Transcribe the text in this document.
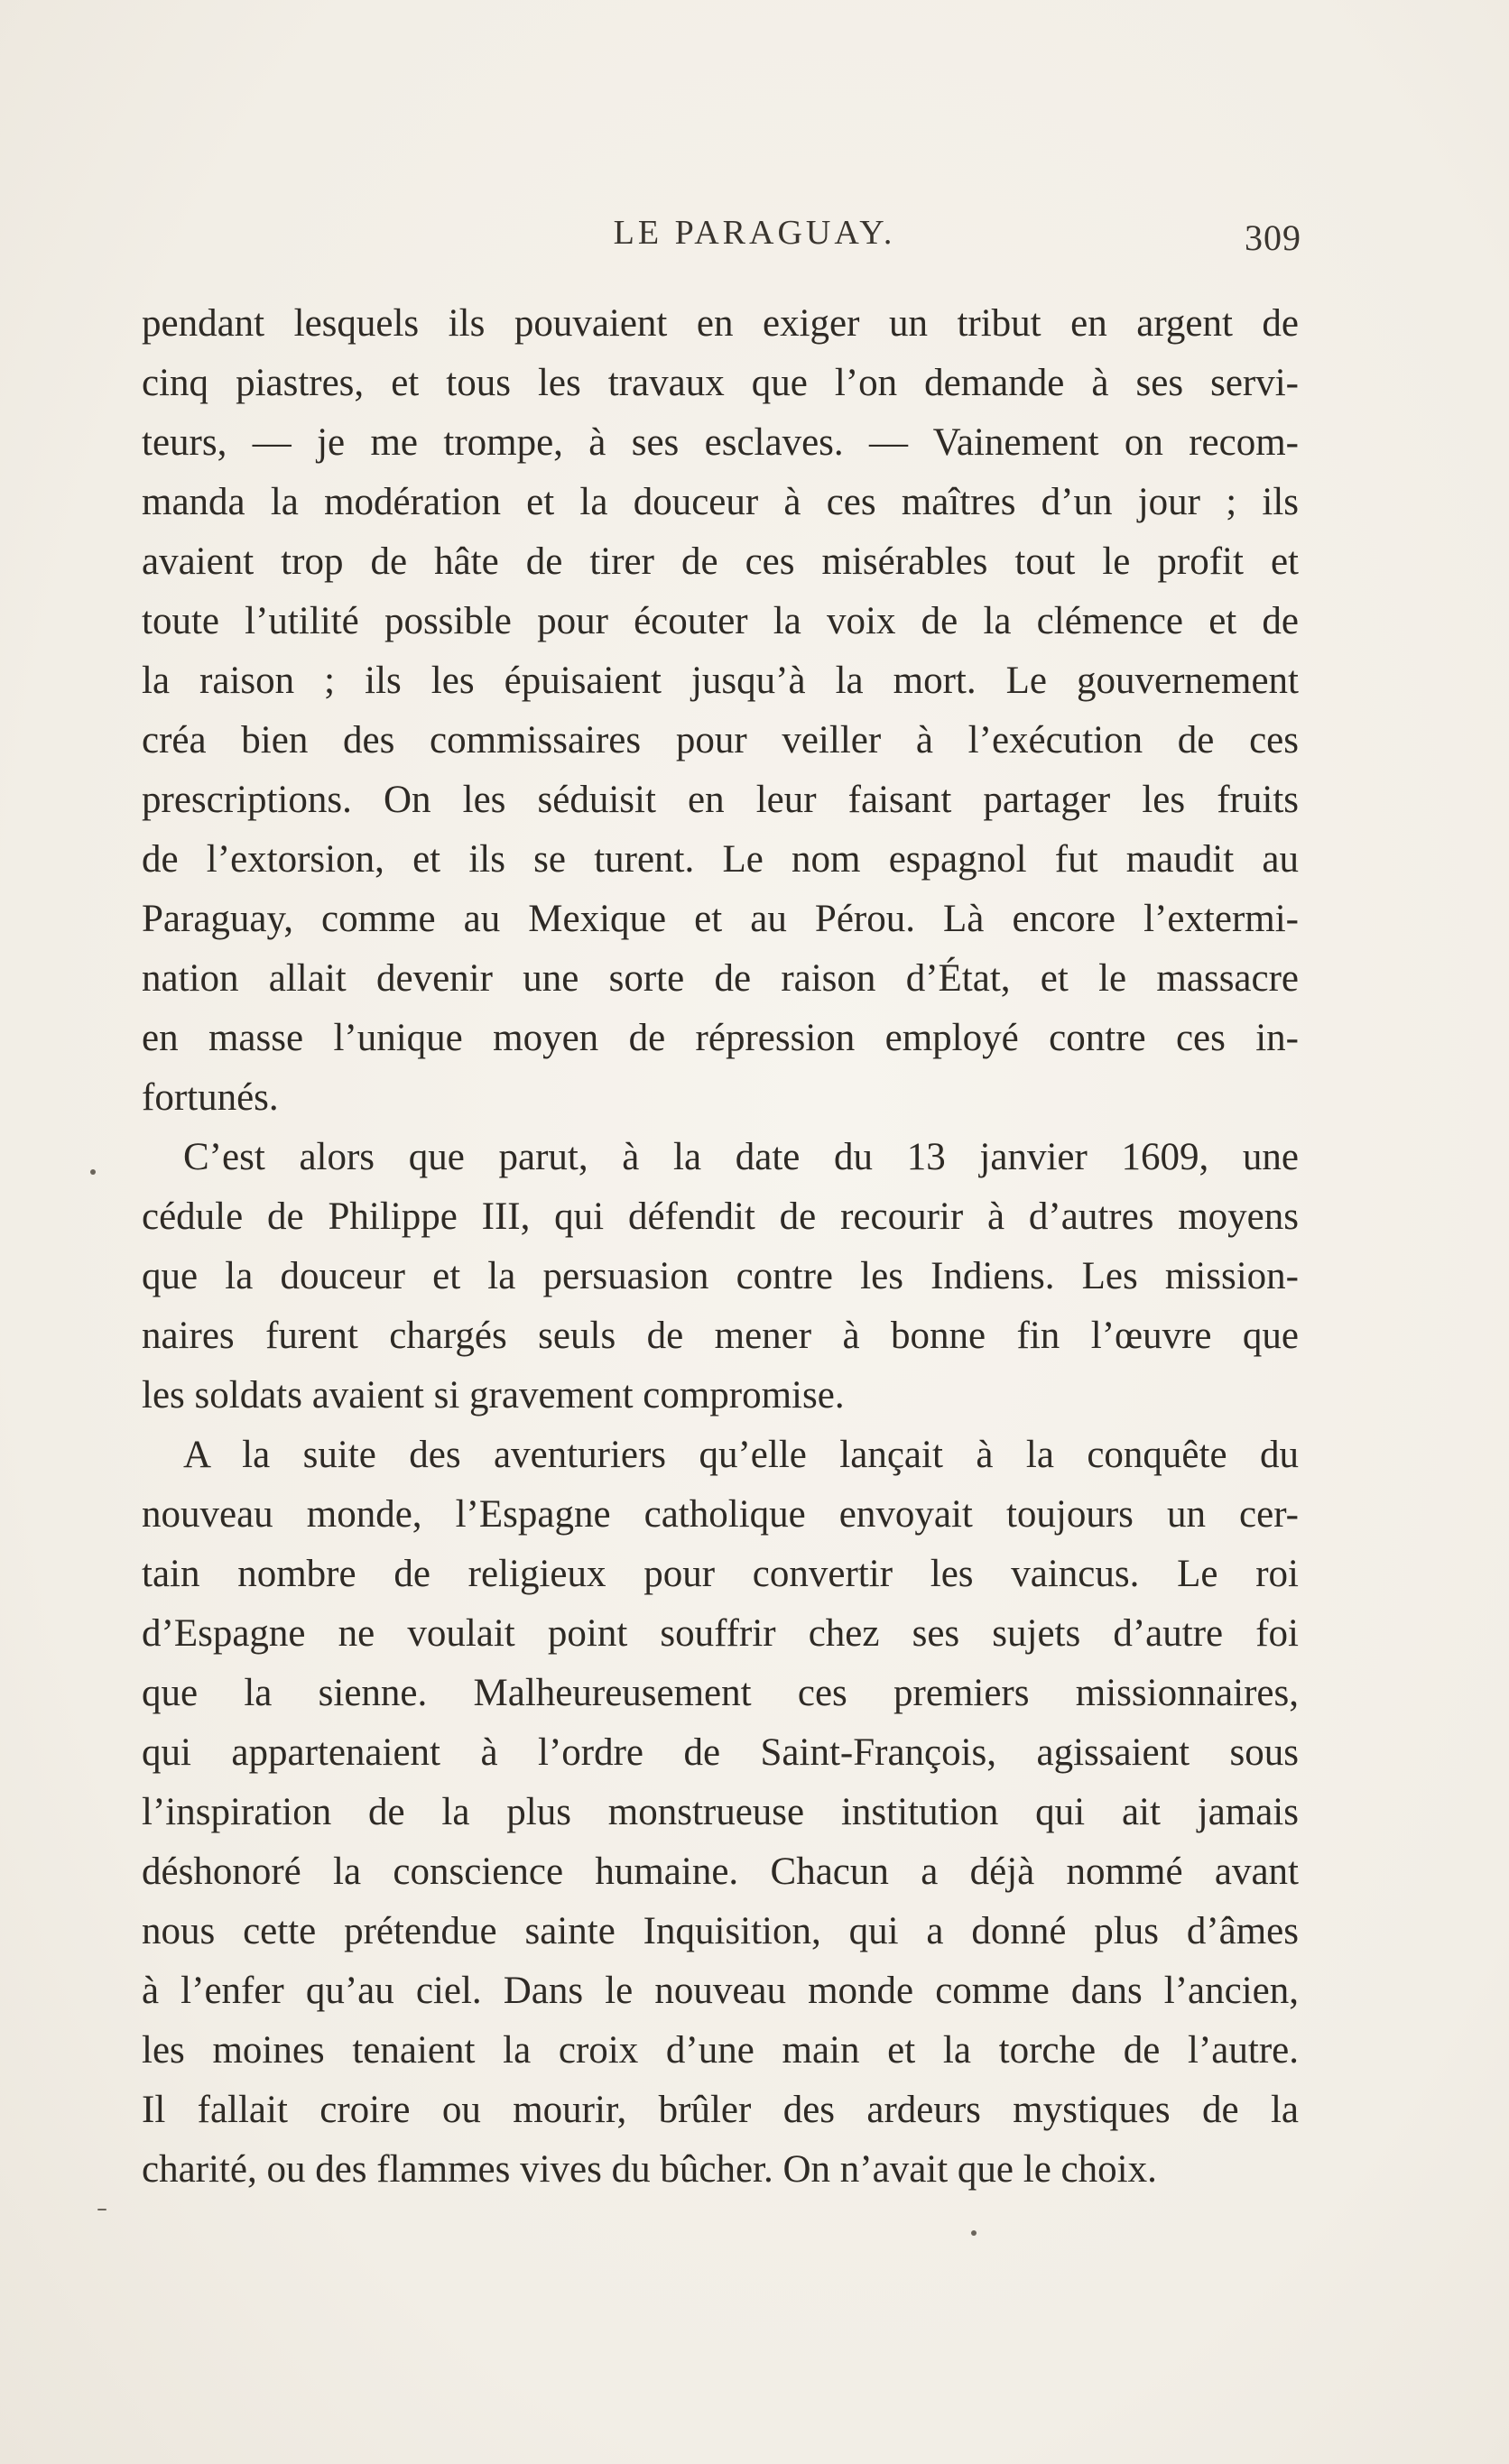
LE PARAGUAY.	309

pendant lesquels ils pouvaient en exiger un tribut en argent de

cinq piastres, et tous les travaux que l’on demande à ses servi-

teurs, — je me trompe, à ses esclaves. — Vainement on recom-

manda la modération et la douceur à ces maîtres d’un jour ; ils

avaient trop de hâte de tirer de ces misérables tout le profit et

toute l’utilité possible pour écouter la voix de la clémence et de

la raison ; ils les épuisaient jusqu’à la mort. Le gouvernement

créa bien des commissaires pour veiller à l’exécution de ces

prescriptions. On les séduisit en leur faisant partager les fruits

de l’extorsion, et ils se turent. Le nom espagnol fut maudit au

Paraguay, comme au Mexique et au Pérou. Là encore l’extermi-

nation allait devenir une sorte de raison d’État, et le massacre

en masse l’unique moyen de répression employé contre ces in-

fortunés.

C’est alors que parut, à la date du 13 janvier 1609, une

cédule de Philippe III, qui défendit de recourir à d’autres moyens

que la douceur et la persuasion contre les Indiens. Les mission-

naires furent chargés seuls de mener à bonne fin l’œuvre que

les soldats avaient si gravement compromise.

A la suite des aventuriers qu’elle lançait à la conquête du

nouveau monde, l’Espagne catholique envoyait toujours un cer-

tain nombre de religieux pour convertir les vaincus. Le roi

d’Espagne ne voulait point souffrir chez ses sujets d’autre foi

que la sienne. Malheureusement ces premiers missionnaires,

qui appartenaient à l’ordre de Saint-François, agissaient sous

l’inspiration de la plus monstrueuse institution qui ait jamais

déshonoré la conscience humaine. Chacun a déjà nommé avant

nous cette prétendue sainte Inquisition, qui a donné plus d’âmes

à l’enfer qu’au ciel. Dans le nouveau monde comme dans l’ancien,

les moines tenaient la croix d’une main et la torche de l’autre.

Il fallait croire ou mourir, brûler des ardeurs mystiques de la

charité, ou des flammes vives du bûcher. On n’avait que le choix.
